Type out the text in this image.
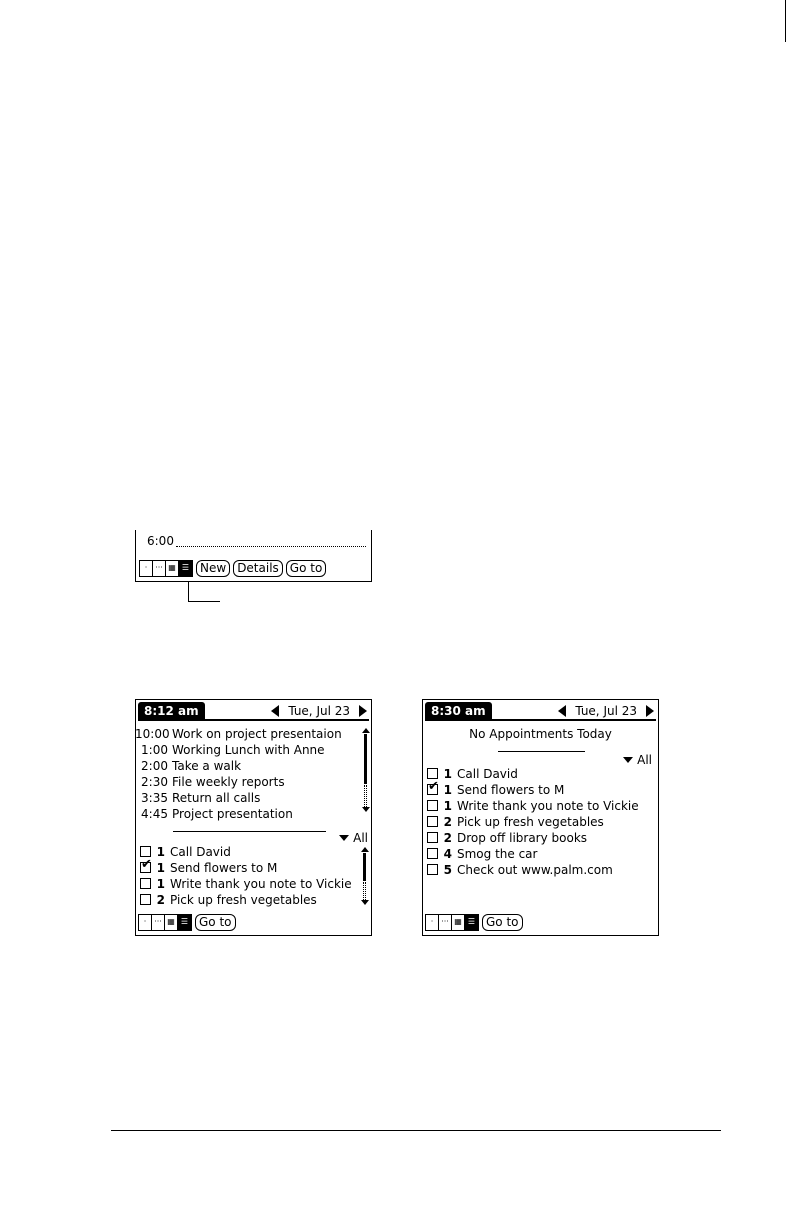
6:00
· ··· ▦ ☰ New Details Go to
8:12 am	Tue, Jul 23
10:00 Work on project presentaion
1:00 Working Lunch with Anne
2:00 Take a walk
2:30 File weekly reports
3:35 Return all calls
4:45 Project presentation
All
1 Call David
✔1 Send flowers to M
1 Write thank you note to Vickie
2 Pick up fresh vegetables
· ··· ▦ ☰ Go to
8:30 am	Tue, Jul 23
No Appointments Today
All
1 Call David
✔1 Send flowers to M
1 Write thank you note to Vickie
2 Pick up fresh vegetables
2 Drop off library books
4 Smog the car
5 Check out www.palm.com
· ··· ▦ ☰ Go to
